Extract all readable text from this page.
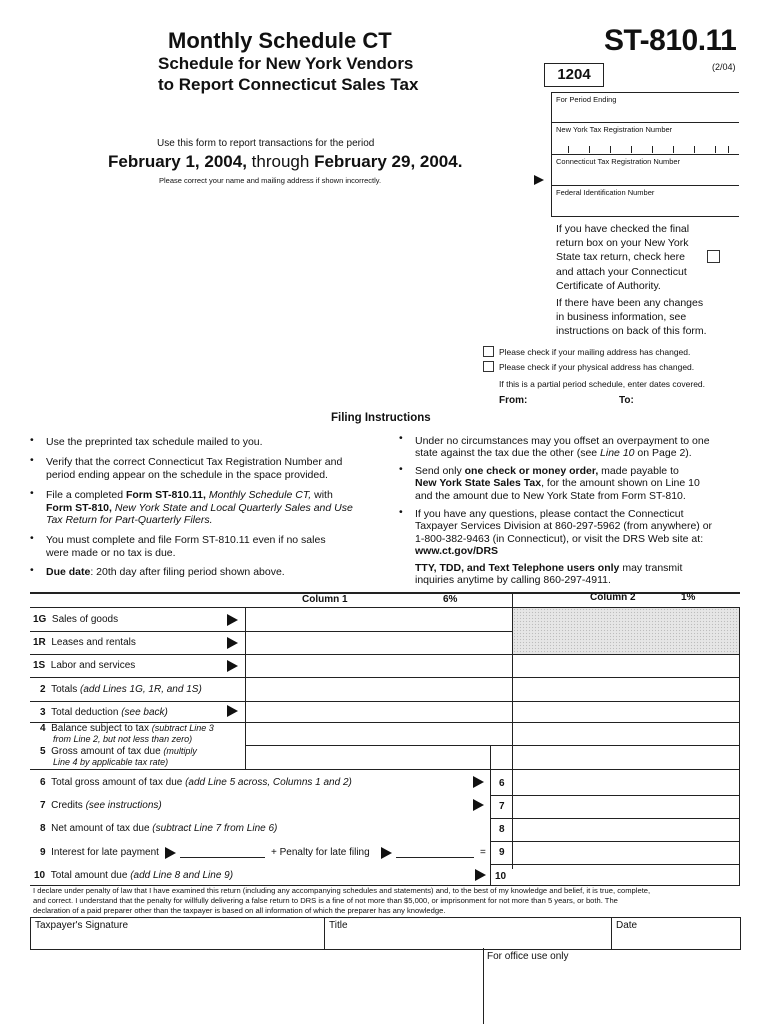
Monthly Schedule CT
Schedule for New York Vendors
to Report Connecticut Sales Tax
ST-810.11
(2/04)
1204
Use this form to report transactions for the period
February 1, 2004, through February 29, 2004.
Please correct your name and mailing address if shown incorrectly.
For Period Ending
New York Tax Registration Number
Connecticut Tax Registration Number
Federal Identification Number
If you have checked the final
return box on your New York
State tax return, check here
and attach your Connecticut
Certificate of Authority.
If there have been any changes
in business information, see
instructions on back of this form.
Please check if your mailing address has changed.
Please check if your physical address has changed.
If this is a partial period schedule, enter dates covered.
From:	To:
Filing Instructions
• Use the preprinted tax schedule mailed to you.
• Verify that the correct Connecticut Tax Registration Number and
period ending appear on the schedule in the space provided.
• File a completed Form ST-810.11, Monthly Schedule CT, with
Form ST-810, New York State and Local Quarterly Sales and Use
Tax Return for Part-Quarterly Filers.
• You must complete and file Form ST-810.11 even if no sales
were made or no tax is due.
• Due date: 20th day after filing period shown above.
• Under no circumstances may you offset an overpayment to one
state against the tax due the other (see Line 10 on Page 2).
• Send only one check or money order, made payable to
New York State Sales Tax, for the amount shown on Line 10
and the amount due to New York State from Form ST-810.
• If you have any questions, please contact the Connecticut
Taxpayer Services Division at 860-297-5962 (from anywhere) or
1-800-382-9463 (in Connecticut), or visit the DRS Web site at:
www.ct.gov/DRS
TTY, TDD, and Text Telephone users only may transmit
inquiries anytime by calling 860-297-4911.
Column 1	6%	Column 2	1%
1G Sales of goods
1R Leases and rentals
1S Labor and services
2 Totals (add Lines 1G, 1R, and 1S)
3 Total deduction (see back)
4 Balance subject to tax (subtract Line 3
from Line 2, but not less than zero)
5 Gross amount of tax due (multiply
Line 4 by applicable tax rate)
6 Total gross amount of tax due (add Line 5 across, Columns 1 and 2)	6
7 Credits (see instructions)	7
8 Net amount of tax due (subtract Line 7 from Line 6)	8
9 Interest for late payment	+ Penalty for late filing	= 9
10 Total amount due (add Line 8 and Line 9)	10
I declare under penalty of law that I have examined this return (including any accompanying schedules and statements) and, to the best of my knowledge and belief, it is true, complete,
and correct. I understand that the penalty for willfully delivering a false return to DRS is a fine of not more than $5,000, or imprisonment for not more than 5 years, or both. The
declaration of a paid preparer other than the taxpayer is based on all information of which the preparer has any knowledge.
Taxpayer's Signature	Title	Date
For office use only
